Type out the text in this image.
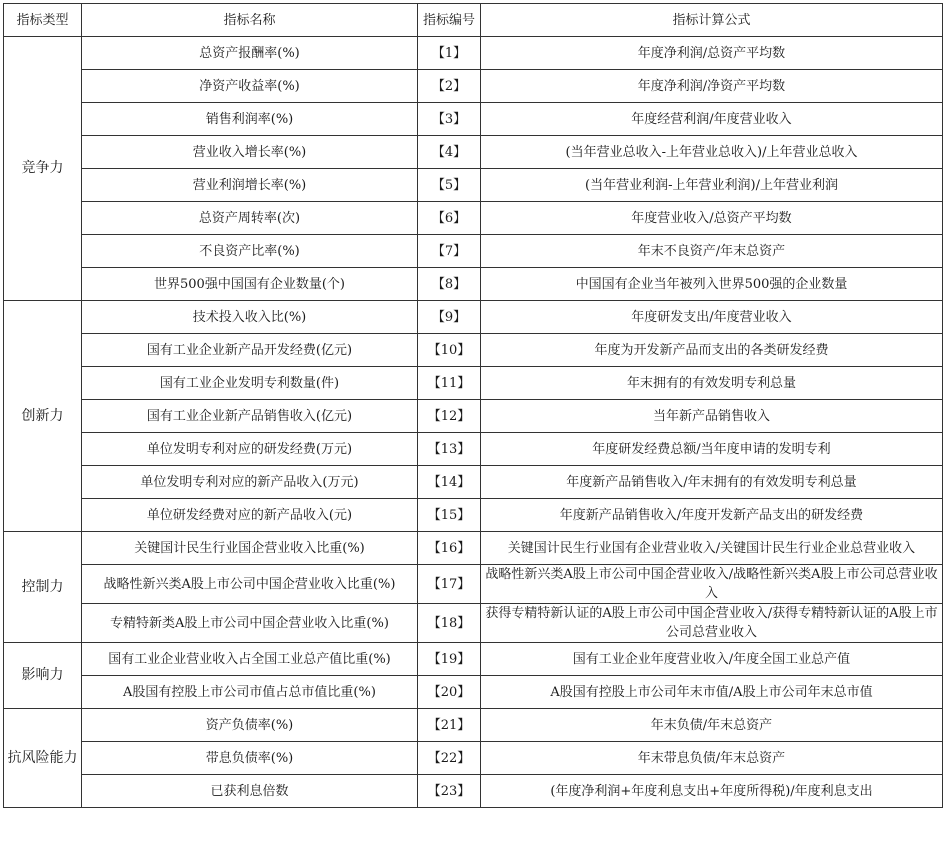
指标类型	指标名称	指标编号	指标计算公式
竞争力	总资产报酬率(%)	【1】	年度净利润/总资产平均数
	净资产收益率(%)	【2】	年度净利润/净资产平均数
	销售利润率(%)	【3】	年度经营利润/年度营业收入
	营业收入增长率(%)	【4】	(当年营业总收入-上年营业总收入)/上年营业总收入
	营业利润增长率(%)	【5】	(当年营业利润-上年营业利润)/上年营业利润
	总资产周转率(次)	【6】	年度营业收入/总资产平均数
	不良资产比率(%)	【7】	年末不良资产/年末总资产
	世界500强中国国有企业数量(个)	【8】	中国国有企业当年被列入世界500强的企业数量
创新力	技术投入收入比(%)	【9】	年度研发支出/年度营业收入
	国有工业企业新产品开发经费(亿元)	【10】	年度为开发新产品而支出的各类研发经费
	国有工业企业发明专利数量(件)	【11】	年末拥有的有效发明专利总量
	国有工业企业新产品销售收入(亿元)	【12】	当年新产品销售收入
	单位发明专利对应的研发经费(万元)	【13】	年度研发经费总额/当年度申请的发明专利
	单位发明专利对应的新产品收入(万元)	【14】	年度新产品销售收入/年末拥有的有效发明专利总量
	单位研发经费对应的新产品收入(元)	【15】	年度新产品销售收入/年度开发新产品支出的研发经费
控制力	关键国计民生行业国企营业收入比重(%)	【16】	关键国计民生行业国有企业营业收入/关键国计民生行业企业总营业收入
	战略性新兴类A股上市公司中国企营业收入比重(%)	【17】	战略性新兴类A股上市公司中国企营业收入/战略性新兴类A股上市公司总营业收入
	专精特新类A股上市公司中国企营业收入比重(%)	【18】	获得专精特新认证的A股上市公司中国企营业收入/获得专精特新认证的A股上市公司总营业收入
影响力	国有工业企业营业收入占全国工业总产值比重(%)	【19】	国有工业企业年度营业收入/年度全国工业总产值
	A股国有控股上市公司市值占总市值比重(%)	【20】	A股国有控股上市公司年末市值/A股上市公司年末总市值
抗风险能力	资产负债率(%)	【21】	年末负债/年末总资产
	带息负债率(%)	【22】	年末带息负债/年末总资产
	已获利息倍数	【23】	(年度净利润+年度利息支出+年度所得税)/年度利息支出
